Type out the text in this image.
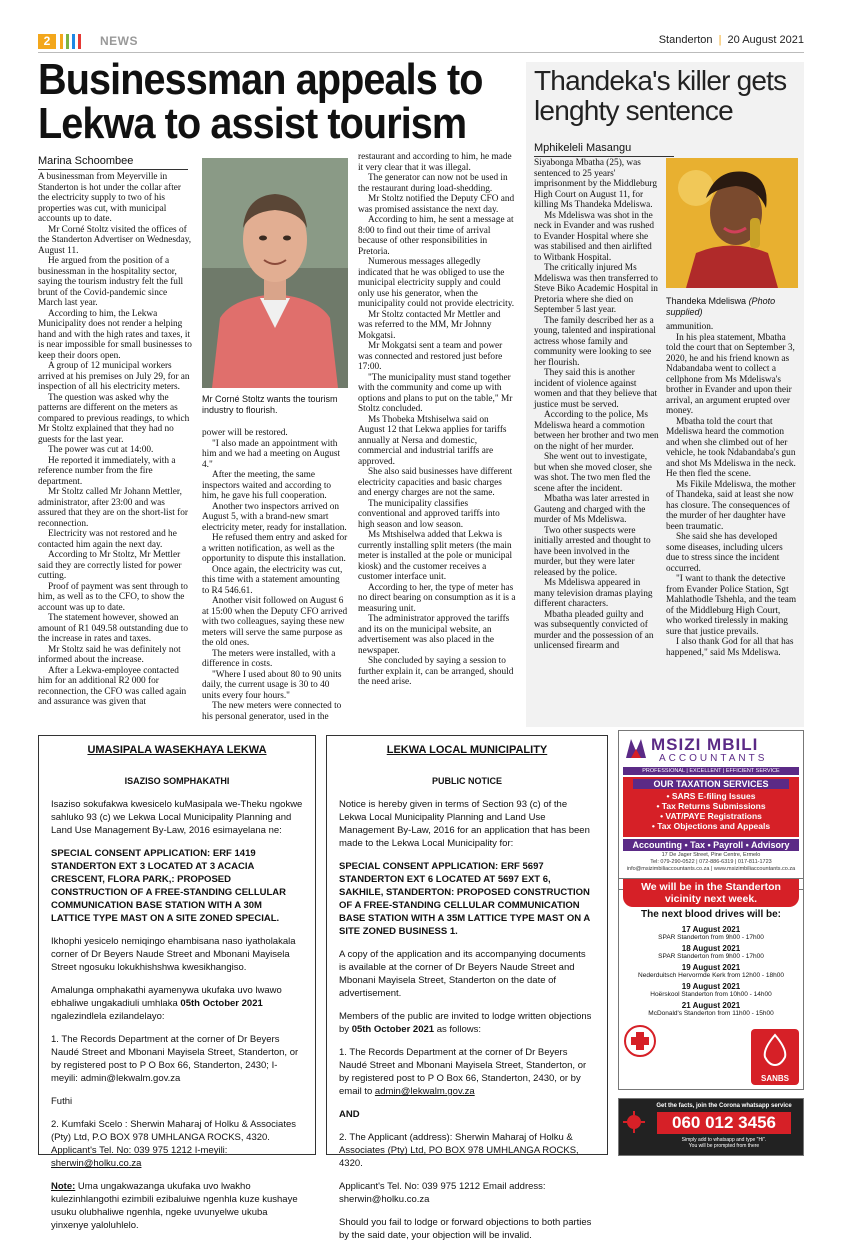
2	NEWS	Standerton | 20 August 2021
Businessman appeals to
Lekwa to assist tourism
Marina Schoombee

A businessman from Meyerville in Standerton is hot under the collar after the electricity supply to two of his properties was cut, with municipal accounts up to date.

Mr Corné Stoltz visited the offices of the Standerton Advertiser on Wednesday, August 11.

He argued from the position of a businessman in the hospitality sector, saying the tourism industry felt the full brunt of the Covid-pandemic since March last year.

According to him, the Lekwa Municipality does not render a helping hand and with the high rates and taxes, it is near impossible for small businesses to keep their doors open.

A group of 12 municipal workers arrived at his premises on July 29, for an inspection of all his electricity meters.

The question was asked why the patterns are different on the meters as compared to previous readings, to which Mr Stoltz explained that they had no guests for the last year.

The power was cut at 14:00.

He reported it immediately, with a reference number from the fire department.

Mr Stoltz called Mr Johann Mettler, administrator, after 23:00 and was assured that they are on the short-list for reconnection.

Electricity was not restored and he contacted him again the next day.

According to Mr Stoltz, Mr Mettler said they are correctly listed for power cutting.

Proof of payment was sent through to him, as well as to the CFO, to show the account was up to date.

The statement however, showed an amount of R1 049.58 outstanding due to the increase in rates and taxes.

Mr Stoltz said he was definitely not informed about the increase.

After a Lekwa-employee contacted him for an additional R2 000 for reconnection, the CFO was called again and assurance was given that

Mr Corné Stoltz wants the tourism industry to flourish.

power will be restored.

"I also made an appointment with him and we had a meeting on August 4."

After the meeting, the same inspectors waited and according to him, he gave his full cooperation.

Another two inspectors arrived on August 5, with a brand-new smart electricity meter, ready for installation.

He refused them entry and asked for a written notification, as well as the opportunity to dispute this installation.

Once again, the electricity was cut, this time with a statement amounting to R4 546.61.

Another visit followed on August 6 at 15:00 when the Deputy CFO arrived with two colleagues, saying these new meters will serve the same purpose as the old ones.

The meters were installed, with a difference in costs.

"Where I used about 80 to 90 units daily, the current usage is 30 to 40 units every four hours."

The new meters were connected to his personal generator, used in the

restaurant and according to him, he made it very clear that it was illegal.

The generator can now not be used in the restaurant during load-shedding.

Mr Stoltz notified the Deputy CFO and was promised assistance the next day.

According to him, he sent a message at 8:00 to find out their time of arrival because of other responsibilities in Pretoria.

Numerous messages allegedly indicated that he was obliged to use the municipal electricity supply and could only use his generator, when the municipality could not provide electricity.

Mr Stoltz contacted Mr Mettler and was referred to the MM, Mr Johnny Mokgatsi.

Mr Mokgatsi sent a team and power was connected and restored just before 17:00.

"The municipality must stand together with the community and come up with options and plans to put on the table," Mr Stoltz concluded.

Ms Thobeka Mtshiselwa said on August 12 that Lekwa applies for tariffs annually at Nersa and domestic, commercial and industrial tariffs are approved.

She also said businesses have different electricity capacities and basic charges and energy charges are not the same.

The municipality classifies conventional and approved tariffs into high season and low season.

Ms Mtshiselwa added that Lekwa is currently installing split meters (the main meter is installed at the pole or municipal kiosk) and the customer receives a customer interface unit.

According to her, the type of meter has no direct bearing on consumption as it is a measuring unit.

The administrator approved the tariffs and its on the municipal website, an advertisement was also placed in the newspaper.

She concluded by saying a session to further explain it, can be arranged, should the need arise.

Thandeka's killer gets lenghty sentence
Mphikeleli Masangu
Thandeka Mdeliswa (Photo supplied)

Siyabonga Mbatha (25), was sentenced to 25 years' imprisonment by the Middleburg High Court on August 11, for killing Ms Thandeka Mdeliswa.

Ms Mdeliswa was shot in the neck in Evander and was rushed to Evander Hospital where she was stabilised and then airlifted to Witbank Hospital.

The critically injured Ms Mdeliswa was then transferred to Steve Biko Academic Hospital in Pretoria where she died on September 5 last year.

The family described her as a young, talented and inspirational actress whose family and community were looking to see her flourish.

They said this is another incident of violence against women and that they believe that justice must be served.

According to the police, Ms Mdeliswa heard a commotion between her brother and two men on the night of her murder.

She went out to investigate, but when she moved closer, she was shot. The two men fled the scene after the incident.

Mbatha was later arrested in Gauteng and charged with the murder of Ms Mdeliswa.

Two other suspects were initially arrested and thought to have been involved in the murder, but they were later released by the police.

Ms Mdeliswa appeared in many television dramas playing different characters.

Mbatha pleaded guilty and was subsequently convicted of murder and the possession of an unlicensed firearm and

ammunition.

In his plea statement, Mbatha told the court that on September 3, 2020, he and his friend known as Ndabandaba went to collect a cellphone from Ms Mdeliswa's brother in Evander and upon their arrival, an argument erupted over money.

Mbatha told the court that Mdeliswa heard the commotion and when she climbed out of her vehicle, he took Ndabandaba's gun and shot Ms Mdeliswa in the neck. He then fled the scene.

Ms Fikile Mdeliswa, the mother of Thandeka, said at least she now has closure. The consequences of the murder of her daughter have been traumatic.

She said she has developed some diseases, including ulcers due to stress since the incident occurred.

"I want to thank the detective from Evander Police Station, Sgt Mahlathodle Tshehla, and the team of the Middleburg High Court, who worked tirelessly in making sure that justice prevails.

I also thank God for all that has happened," said Ms Mdeliswa.

UMASIPALA WASEKHAYA LEKWA
ISAZISO SOMPHAKATHI

Isaziso sokufakwa kwesicelo kuMasipala we-Theku ngokwe sahluko 93 (c) we Lekwa Local Municipality Planning and Land Use Management By-Law, 2016 esimayelana ne:

SPECIAL CONSENT APPLICATION: ERF 1419 STANDERTON EXT 3 LOCATED AT 3 ACACIA CRESCENT, FLORA PARK,: PROPOSED CONSTRUCTION OF A FREE-STANDING CELLULAR COMMUNICATION BASE STATION WITH A 30M LATTICE TYPE MAST ON A SITE ZONED SPECIAL.

Ikhophi yesicelo nemiqingo ehambisana naso iyatholakala corner of Dr Beyers Naude Street and Mbonani Mayisela Street ngosuku lokukhishshwa kwesikhangiso.

Amalunga omphakathi ayamenywa ukufaka uvo lwawo ebhaliwe ungakadiuli umhlaka 05th October 2021 ngalezindlela ezilandelayo:

1. The Records Department at the corner of Dr Beyers Naudé Street and Mbonani Mayisela Street, Standerton, or by registered post to P O Box 66, Standerton, 2430; I-meyili: admin@lekwalm.gov.za

Futhi

2. Kumfaki Scelo : Sherwin Maharaj of Holku & Associates (Pty) Ltd, P.O BOX 978 UMHLANGA ROCKS, 4320.
Applicant's Tel. No: 039 975 1212 I-meyili: sherwin@holku.co.za

Note: Uma ungakwazanga ukufaka uvo lwakho kulezinhlangothi ezimbili ezibaluiwe ngenhla kuze kushaye usuku olubhaliwe ngenhla, ngeke uvunyelwe ukuba yinxenye yaloluhlelo.

LEKWA LOCAL MUNICIPALITY
PUBLIC NOTICE

Notice is hereby given in terms of Section 93 (c) of the Lekwa Local Municipality Planning and Land Use Management By-Law, 2016 for an application that has been made to the Lekwa Local Municipality for:

SPECIAL CONSENT APPLICATION: ERF 5697 STANDERTON EXT 6 LOCATED AT 5697 EXT 6, SAKHILE, STANDERTON: PROPOSED CONSTRUCTION OF A FREE-STANDING CELLULAR COMMUNICATION BASE STATION WITH A 35M LATTICE TYPE MAST ON A SITE ZONED BUSINESS 1.

A copy of the application and its accompanying documents is available at the corner of Dr Beyers Naude Street and Mbonani Mayisela Street, Standerton on the date of advertisement.

Members of the public are invited to lodge written objections by 05th October 2021 as follows:

1. The Records Department at the corner of Dr Beyers Naudé Street and Mbonani Mayisela Street, Standerton, or by registered post to P O Box 66, Standerton, 2430, or by email to admin@lekwalm.gov.za

AND

2. The Applicant (address): Sherwin Maharaj of Holku & Associates (Pty) Ltd, PO BOX 978 UMHLANGA ROCKS, 4320.

Applicant's Tel. No: 039 975 1212 Email address: sherwin@holku.co.za

Should you fail to lodge or forward objections to both parties by the said date, your objection will be invalid.

MSIZI MBILI
ACCOUNTANTS
PROFESSIONAL | EXCELLENT | EFFICIENT SERVICE
OUR TAXATION SERVICES
• SARS E-filing Issues
• Tax Returns Submissions
• VAT/PAYE Registrations
• Tax Objections and Appeals
Accounting • Tax • Payroll • Advisory
17 De Jager Street, Pine Centre, Ermelo
Tel: 079-290-0522 | 072-886-6319 | 017-811-1723
info@msizimbiliaccountants.co.za | www.msizimbiliaccountants.co.za
We will be in the Standerton vicinity next week.
The next blood drives will be:
17 August 2021
SPAR Standerton from 9h00 - 17h00
18 August 2021
SPAR Standerton from 9h00 - 17h00
19 August 2021
Nederduitsch Hervormde Kerk from 12h00 - 18h00
19 August 2021
Hoërskool Standerton from 10h00 - 14h00
21 August 2021
McDonald's Standerton from 11h00 - 15h00
SANBS
Get the facts, join the Corona whatsapp service
060 012 3456
Simply add to whatsapp and type "Hi".
You will be prompted from there
